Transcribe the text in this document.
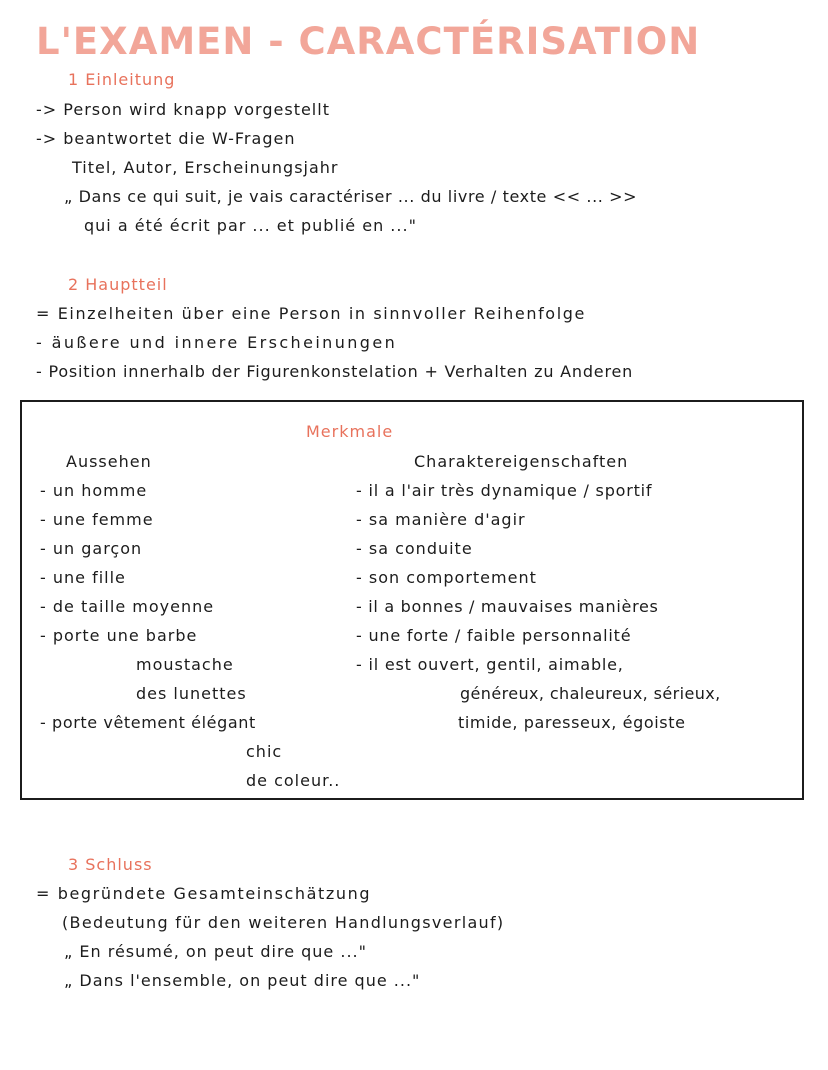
L'EXAMEN - CARACTÉRISATION
1 Einleitung
-> Person wird knapp vorgestellt
-> beantwortet die W-Fragen
Titel, Autor, Erscheinungsjahr
„ Dans ce qui suit, je vais caractériser ... du livre / texte << ... >>
qui a été écrit par ... et publié en ..."
2 Hauptteil
= Einzelheiten über eine Person in sinnvoller Reihenfolge
- äußere und innere Erscheinungen
- Position innerhalb der Figurenkonstelation + Verhalten zu Anderen
Merkmale
Aussehen	Charaktereigenschaften
- un homme
- une femme
- un garçon
- une fille
- de taille moyenne
- porte une barbe
moustache
des lunettes
- porte vêtement élégant
chic
de coleur..
- il a l'air très dynamique / sportif
- sa manière d'agir
- sa conduite
- son comportement
- il a bonnes / mauvaises manières
- une forte / faible personnalité
- il est ouvert, gentil, aimable,
généreux, chaleureux, sérieux,
timide, paresseux, égoiste
3 Schluss
= begründete Gesamteinschätzung
(Bedeutung für den weiteren Handlungsverlauf)
„ En résumé, on peut dire que ..."
„ Dans l'ensemble, on peut dire que ..."
